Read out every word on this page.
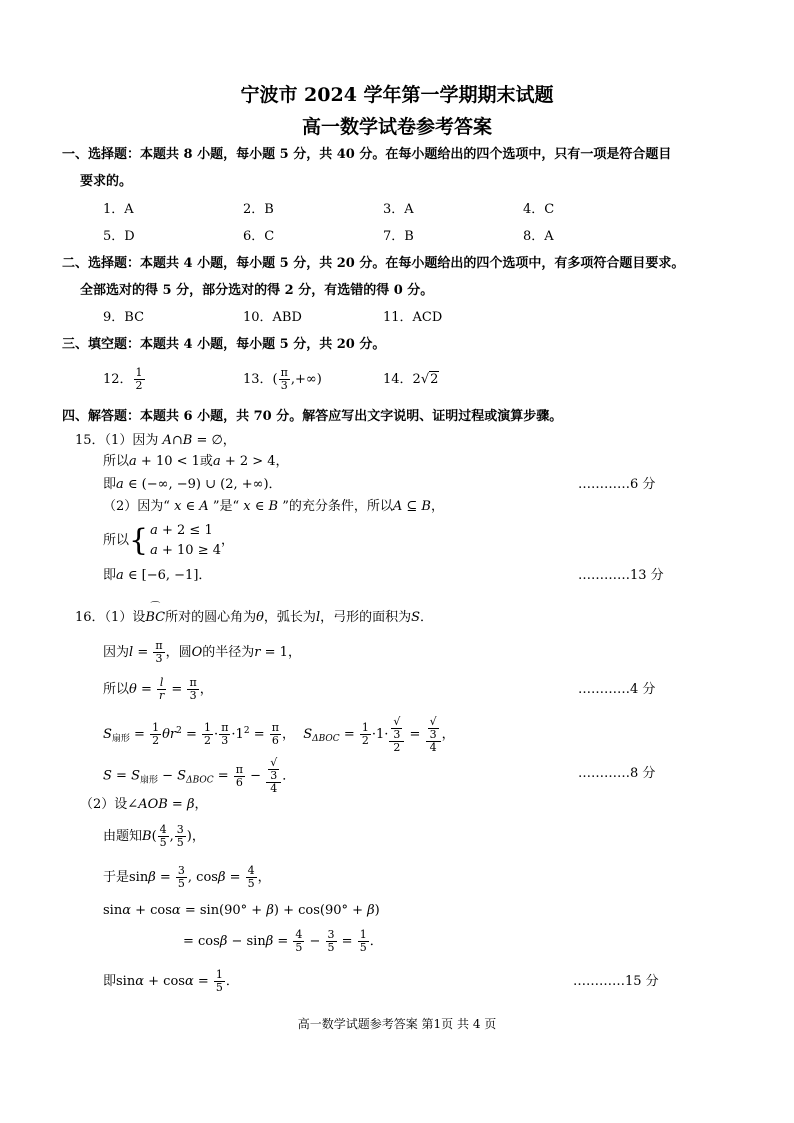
宁波市 2024 学年第一学期期末试题
高一数学试卷参考答案
一、选择题：本题共 8 小题，每小题 5 分，共 40 分。在每小题给出的四个选项中，只有一项是符合题目
要求的。
1．A	2．B	3．A	4．C
5．D	6．C	7．B	8．A
二、选择题：本题共 4 小题，每小题 5 分，共 20 分。在每小题给出的四个选项中，有多项符合题目要求。
全部选对的得 5 分，部分选对的得 2 分，有选错的得 0 分。
9．BC	10．ABD	11．ACD
三、填空题：本题共 4 小题，每小题 5 分，共 20 分。
12． $\frac{1}{2}$	13．( $\frac{\pi}{3}$ ,+∞)	14．2√2
四、解答题：本题共 6 小题，共 70 分。解答应写出文字说明、证明过程或演算步骤。
15．（1）因为 A∩B = ∅，
所以a + 10 < 1或a + 2 > 4，
即a ∈ (−∞, −9) ∪ (2, +∞)．	…………6 分
（2）因为“ x ∈ A ”是“ x ∈ B ”的充分条件，所以A ⊆ B，
所以{ a + 2 ≤ 1
a + 10 ≥ 4，
即a ∈ [−6, −1]．	…………13 分
16．（1）设⌒ BC所对的圆心角为θ，弧长为l，弓形的面积为S．
因为$l = \frac{\pi}{3}$ ，圆O的半径为r = 1，
所以$\theta = \frac{l}{r} = \frac{\pi}{3}$ ，	…………4 分
$S_{扇形} = \frac{1}{2} \theta r^2 = \frac{1}{2} \cdot \frac{\pi}{3} \cdot 1^2 = \frac{\pi}{6}$ ，  $S_{\Delta BOC} = \frac{1}{2} \cdot 1\cdot$ √
3
2 = √
3
4 ，
$S = S_{扇形} - S_{\Delta BOC} = \frac{\pi}{6}$ − √
3
4 ．	…………8 分
（2）设∠AOB = β，
由题知$B( \frac{4}{5}$ , $\frac{3}{5}$ )，
于是$\sin\beta = \frac{3}{5}$ , $\cos\beta = \frac{4}{5}$ ，
sinα + cosα = sin(90° + β) + cos(90° + β)
= $\cos\beta - \sin\beta = \frac{4}{5} - \frac{3}{5} = \frac{1}{5}$ ．
即$\sin\alpha + \cos\alpha = \frac{1}{5}$ ．	…………15 分
高一数学试题参考答案 第1页 共 4 页
